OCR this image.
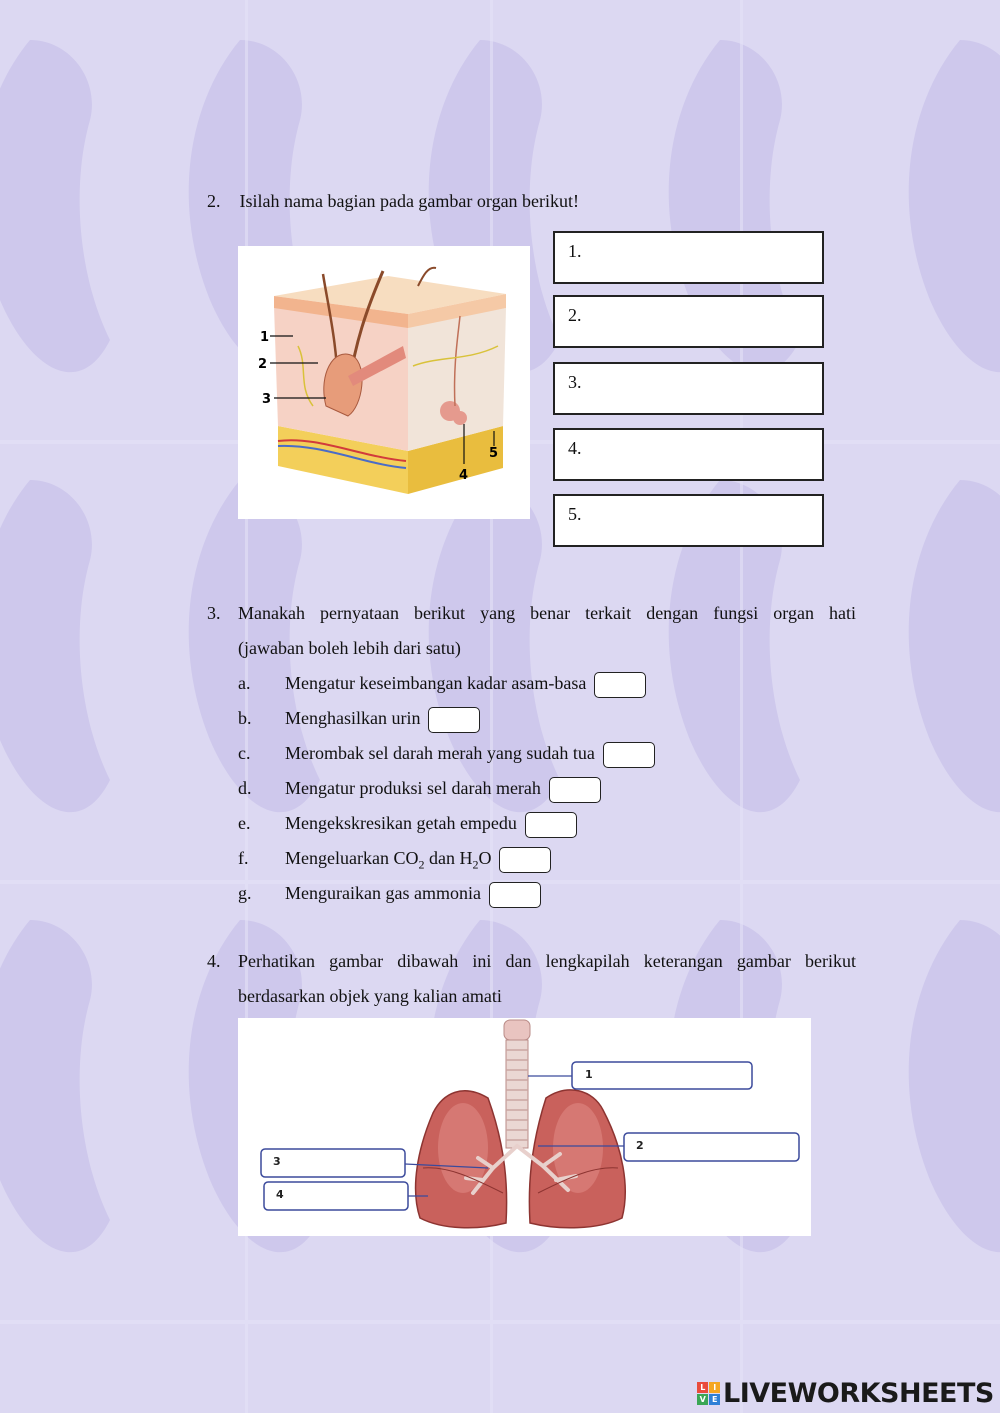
2. Isilah nama bagian pada gambar organ berikut!
1
2
3
4
5
1.
2.
3.
4.
5.
3. Manakah pernyataan berikut yang benar terkait dengan fungsi organ hati
(jawaban boleh lebih dari satu)
a. Mengatur keseimbangan kadar asam-basa
b. Menghasilkan urin
c. Merombak sel darah merah yang sudah tua
d. Mengatur produksi sel darah merah
e. Mengekskresikan getah empedu
f. Mengeluarkan $CO_2$ dan $H_2O$
g. Menguraikan gas ammonia
4. Perhatikan gambar dibawah ini dan lengkapilah keterangan gambar berikut
berdasarkan objek yang kalian amati
1
2
3
4
L	I
V E LIVEWORKSHEETS
